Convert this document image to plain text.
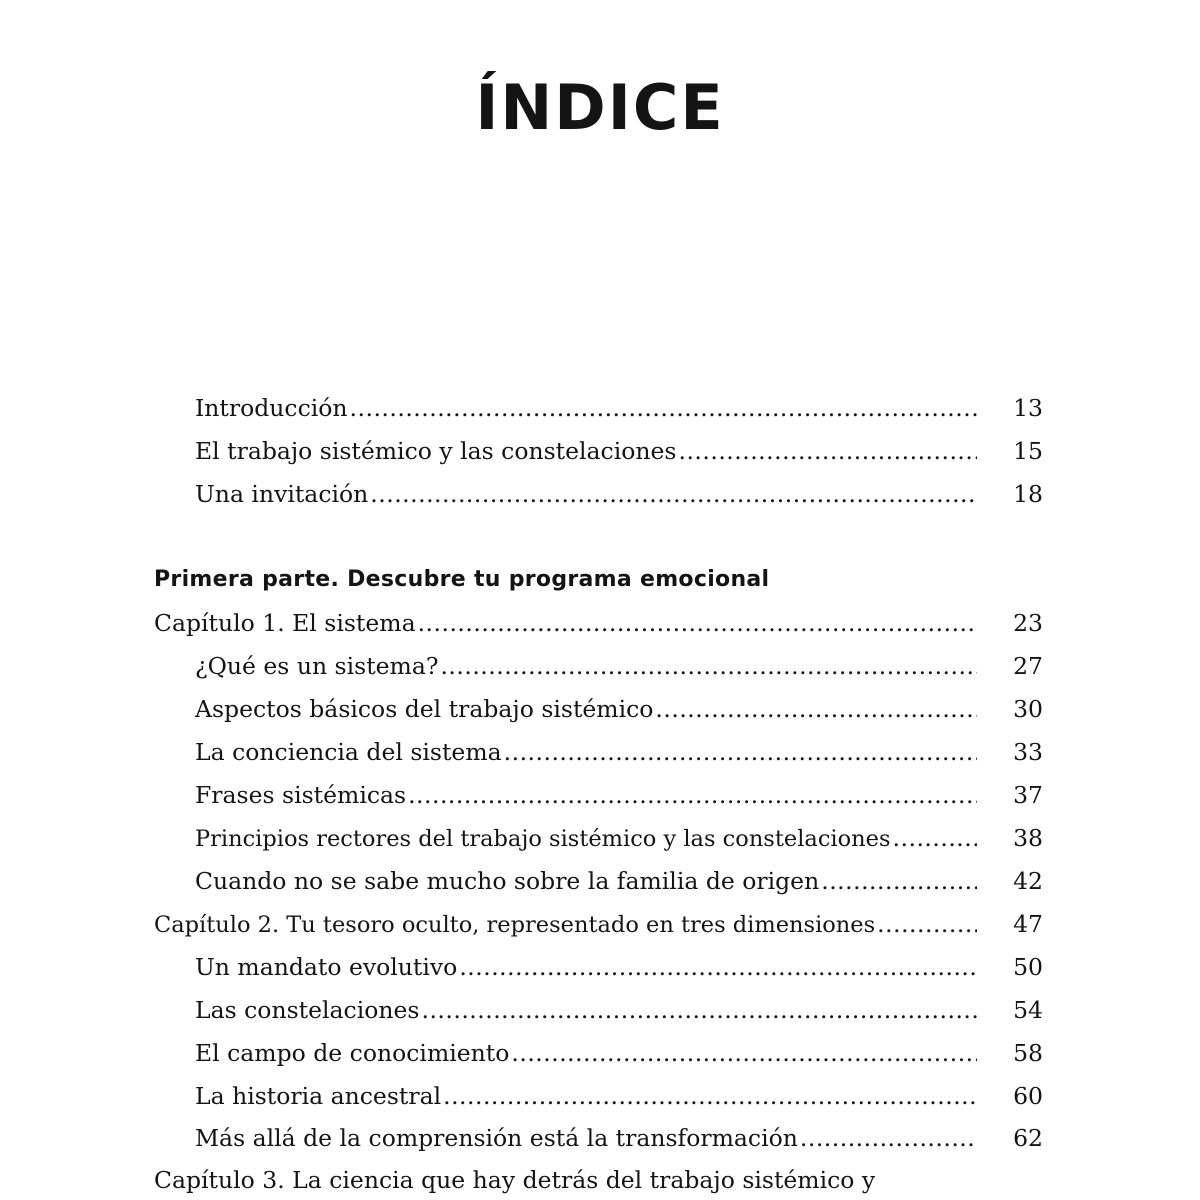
ÍNDICE
Introducción .....	13
El trabajo sistémico y las constelaciones .....	15
Una invitación .....	18
Primera parte. Descubre tu programa emocional
Capítulo 1. El sistema .....	23
¿Qué es un sistema? .....	27
Aspectos básicos del trabajo sistémico .....	30
La conciencia del sistema .....	33
Frases sistémicas .....	37
Principios rectores del trabajo sistémico y las constelaciones .....	38
Cuando no se sabe mucho sobre la familia de origen .....	42
Capítulo 2. Tu tesoro oculto, representado en tres dimensiones .....	47
Un mandato evolutivo .....	50
Las constelaciones .....	54
El campo de conocimiento .....	58
La historia ancestral .....	60
Más allá de la comprensión está la transformación .....	62
Capítulo 3. La ciencia que hay detrás del trabajo sistémico y
